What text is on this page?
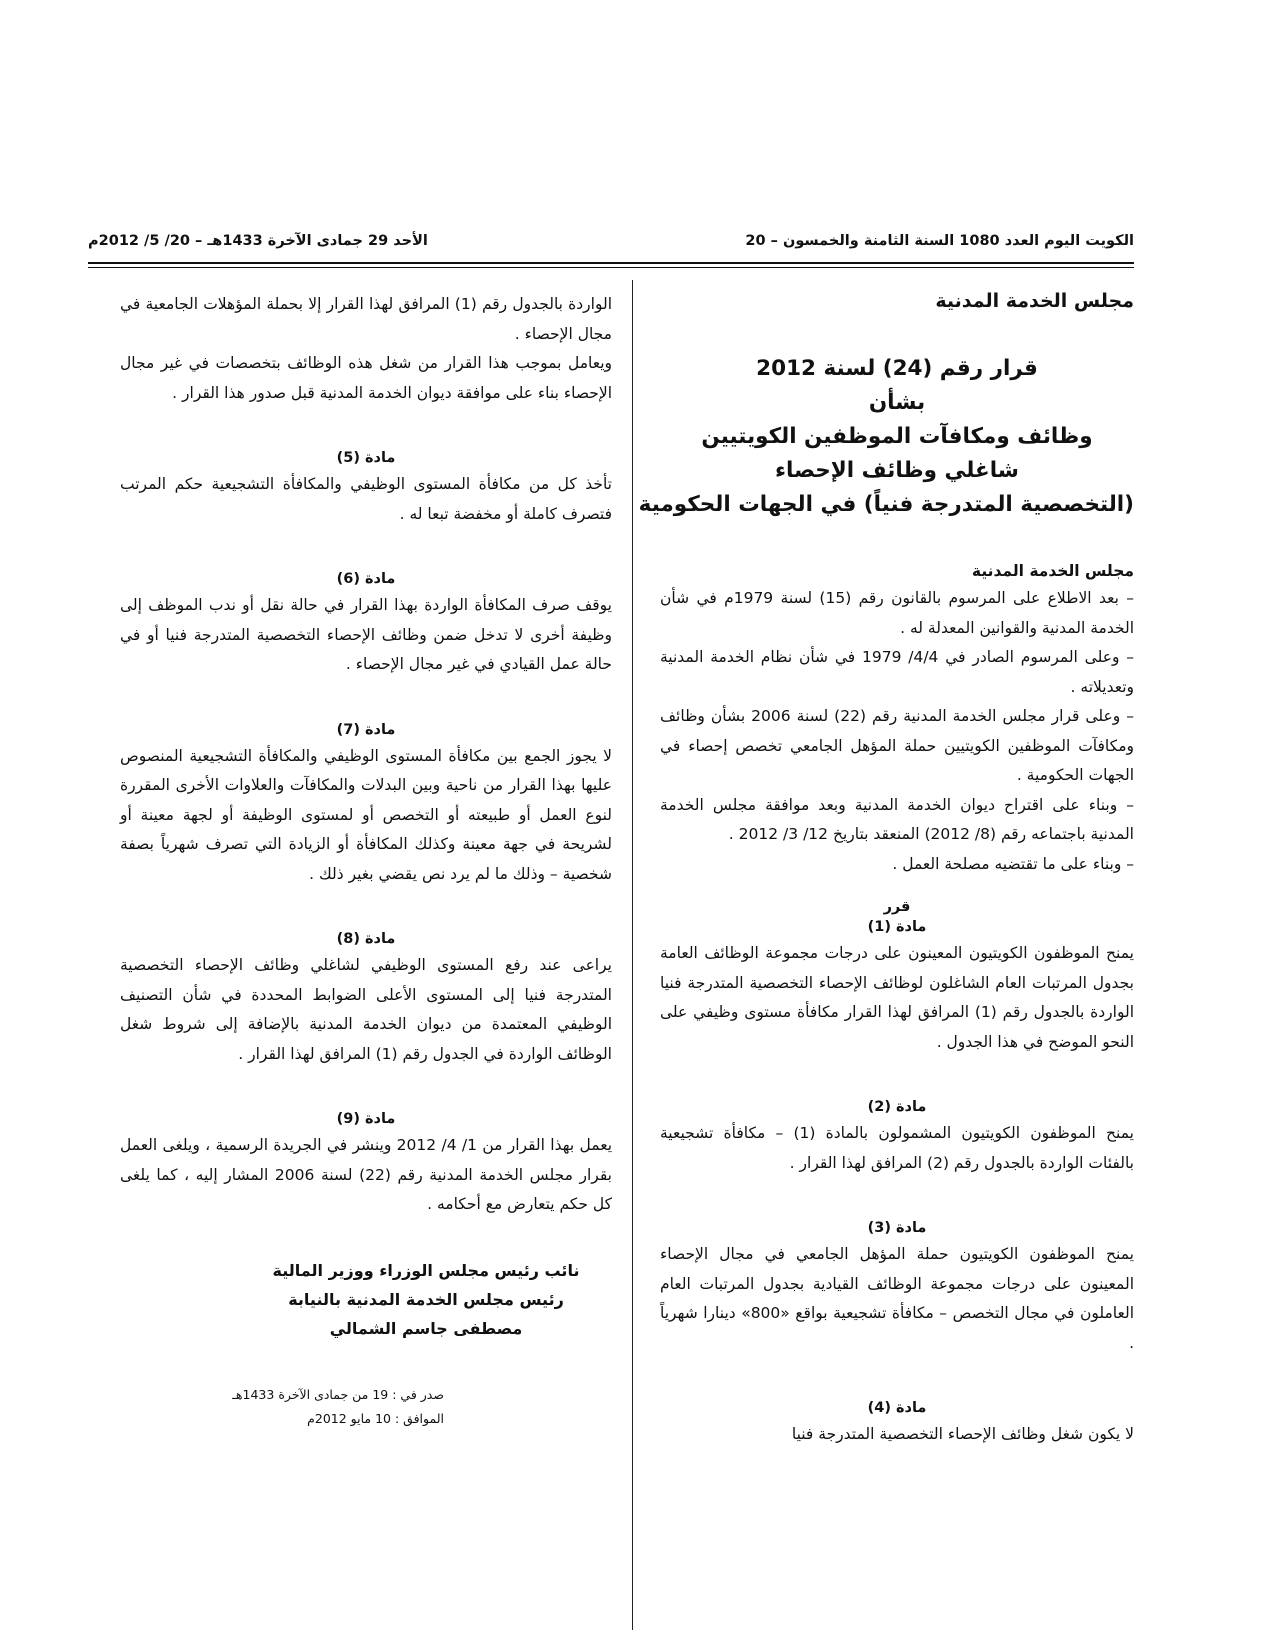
الكويت اليوم العدد 1080 السنة الثامنة والخمسون – 20
الأحد 29 جمادى الآخرة 1433هـ – 20/ 5/ 2012م
مجلس الخدمة المدنية
قرار رقم (24) لسنة 2012
بشأن
وظائف ومكافآت الموظفين الكويتيين
شاغلي وظائف الإحصاء
(التخصصية المتدرجة فنياً) في الجهات الحكومية
مجلس الخدمة المدنية

– بعد الاطلاع على المرسوم بالقانون رقم (15) لسنة 1979م في شأن الخدمة المدنية والقوانين المعدلة له .

– وعلى المرسوم الصادر في 4/4/ 1979 في شأن نظام الخدمة المدنية وتعديلاته .

– وعلى قرار مجلس الخدمة المدنية رقم (22) لسنة 2006 بشأن وظائف ومكافآت الموظفين الكويتيين حملة المؤهل الجامعي تخصص إحصاء في الجهات الحكومية .

– وبناء على اقتراح ديوان الخدمة المدنية وبعد موافقة مجلس الخدمة المدنية باجتماعه رقم (8/ 2012) المنعقد بتاريخ 12/ 3/ 2012 .

– وبناء على ما تقتضيه مصلحة العمل .

قرر
مادة (1)

يمنح الموظفون الكويتيون المعينون على درجات مجموعة الوظائف العامة بجدول المرتبات العام الشاغلون لوظائف الإحصاء التخصصية المتدرجة فنيا الواردة بالجدول رقم (1) المرافق لهذا القرار مكافأة مستوى وظيفي على النحو الموضح في هذا الجدول .

مادة (2)

يمنح الموظفون الكويتيون المشمولون بالمادة (1) – مكافأة تشجيعية بالفئات الواردة بالجدول رقم (2) المرافق لهذا القرار .

مادة (3)

يمنح الموظفون الكويتيون حملة المؤهل الجامعي في مجال الإحصاء المعينون على درجات مجموعة الوظائف القيادية بجدول المرتبات العام العاملون في مجال التخصص – مكافأة تشجيعية بواقع «800» دينارا شهرياً .

مادة (4)

لا يكون شغل وظائف الإحصاء التخصصية المتدرجة فنيا

الواردة بالجدول رقم (1) المرافق لهذا القرار إلا بحملة المؤهلات الجامعية في مجال الإحصاء .

ويعامل بموجب هذا القرار من شغل هذه الوظائف بتخصصات في غير مجال الإحصاء بناء على موافقة ديوان الخدمة المدنية قبل صدور هذا القرار .

مادة (5)

تأخذ كل من مكافأة المستوى الوظيفي والمكافأة التشجيعية حكم المرتب فتصرف كاملة أو مخفضة تبعا له .

مادة (6)

يوقف صرف المكافأة الواردة بهذا القرار في حالة نقل أو ندب الموظف إلى وظيفة أخرى لا تدخل ضمن وظائف الإحصاء التخصصية المتدرجة فنيا أو في حالة عمل القيادي في غير مجال الإحصاء .

مادة (7)

لا يجوز الجمع بين مكافأة المستوى الوظيفي والمكافأة التشجيعية المنصوص عليها بهذا القرار من ناحية وبين البدلات والمكافآت والعلاوات الأخرى المقررة لنوع العمل أو طبيعته أو التخصص أو لمستوى الوظيفة أو لجهة معينة أو لشريحة في جهة معينة وكذلك المكافأة أو الزيادة التي تصرف شهرياً بصفة شخصية – وذلك ما لم يرد نص يقضي بغير ذلك .

مادة (8)

يراعى عند رفع المستوى الوظيفي لشاغلي وظائف الإحصاء التخصصية المتدرجة فنيا إلى المستوى الأعلى الضوابط المحددة في شأن التصنيف الوظيفي المعتمدة من ديوان الخدمة المدنية بالإضافة إلى شروط شغل الوظائف الواردة في الجدول رقم (1) المرافق لهذا القرار .

مادة (9)

يعمل بهذا القرار من 1/ 4/ 2012 وينشر في الجريدة الرسمية ، ويلغى العمل بقرار مجلس الخدمة المدنية رقم (22) لسنة 2006 المشار إليه ، كما يلغى كل حكم يتعارض مع أحكامه .

نائب رئيس مجلس الوزراء ووزير المالية
رئيس مجلس الخدمة المدنية بالنيابة
مصطفى جاسم الشمالي
صدر في : 19 من جمادى الآخرة 1433هـ
الموافق : 10 مايو 2012م
